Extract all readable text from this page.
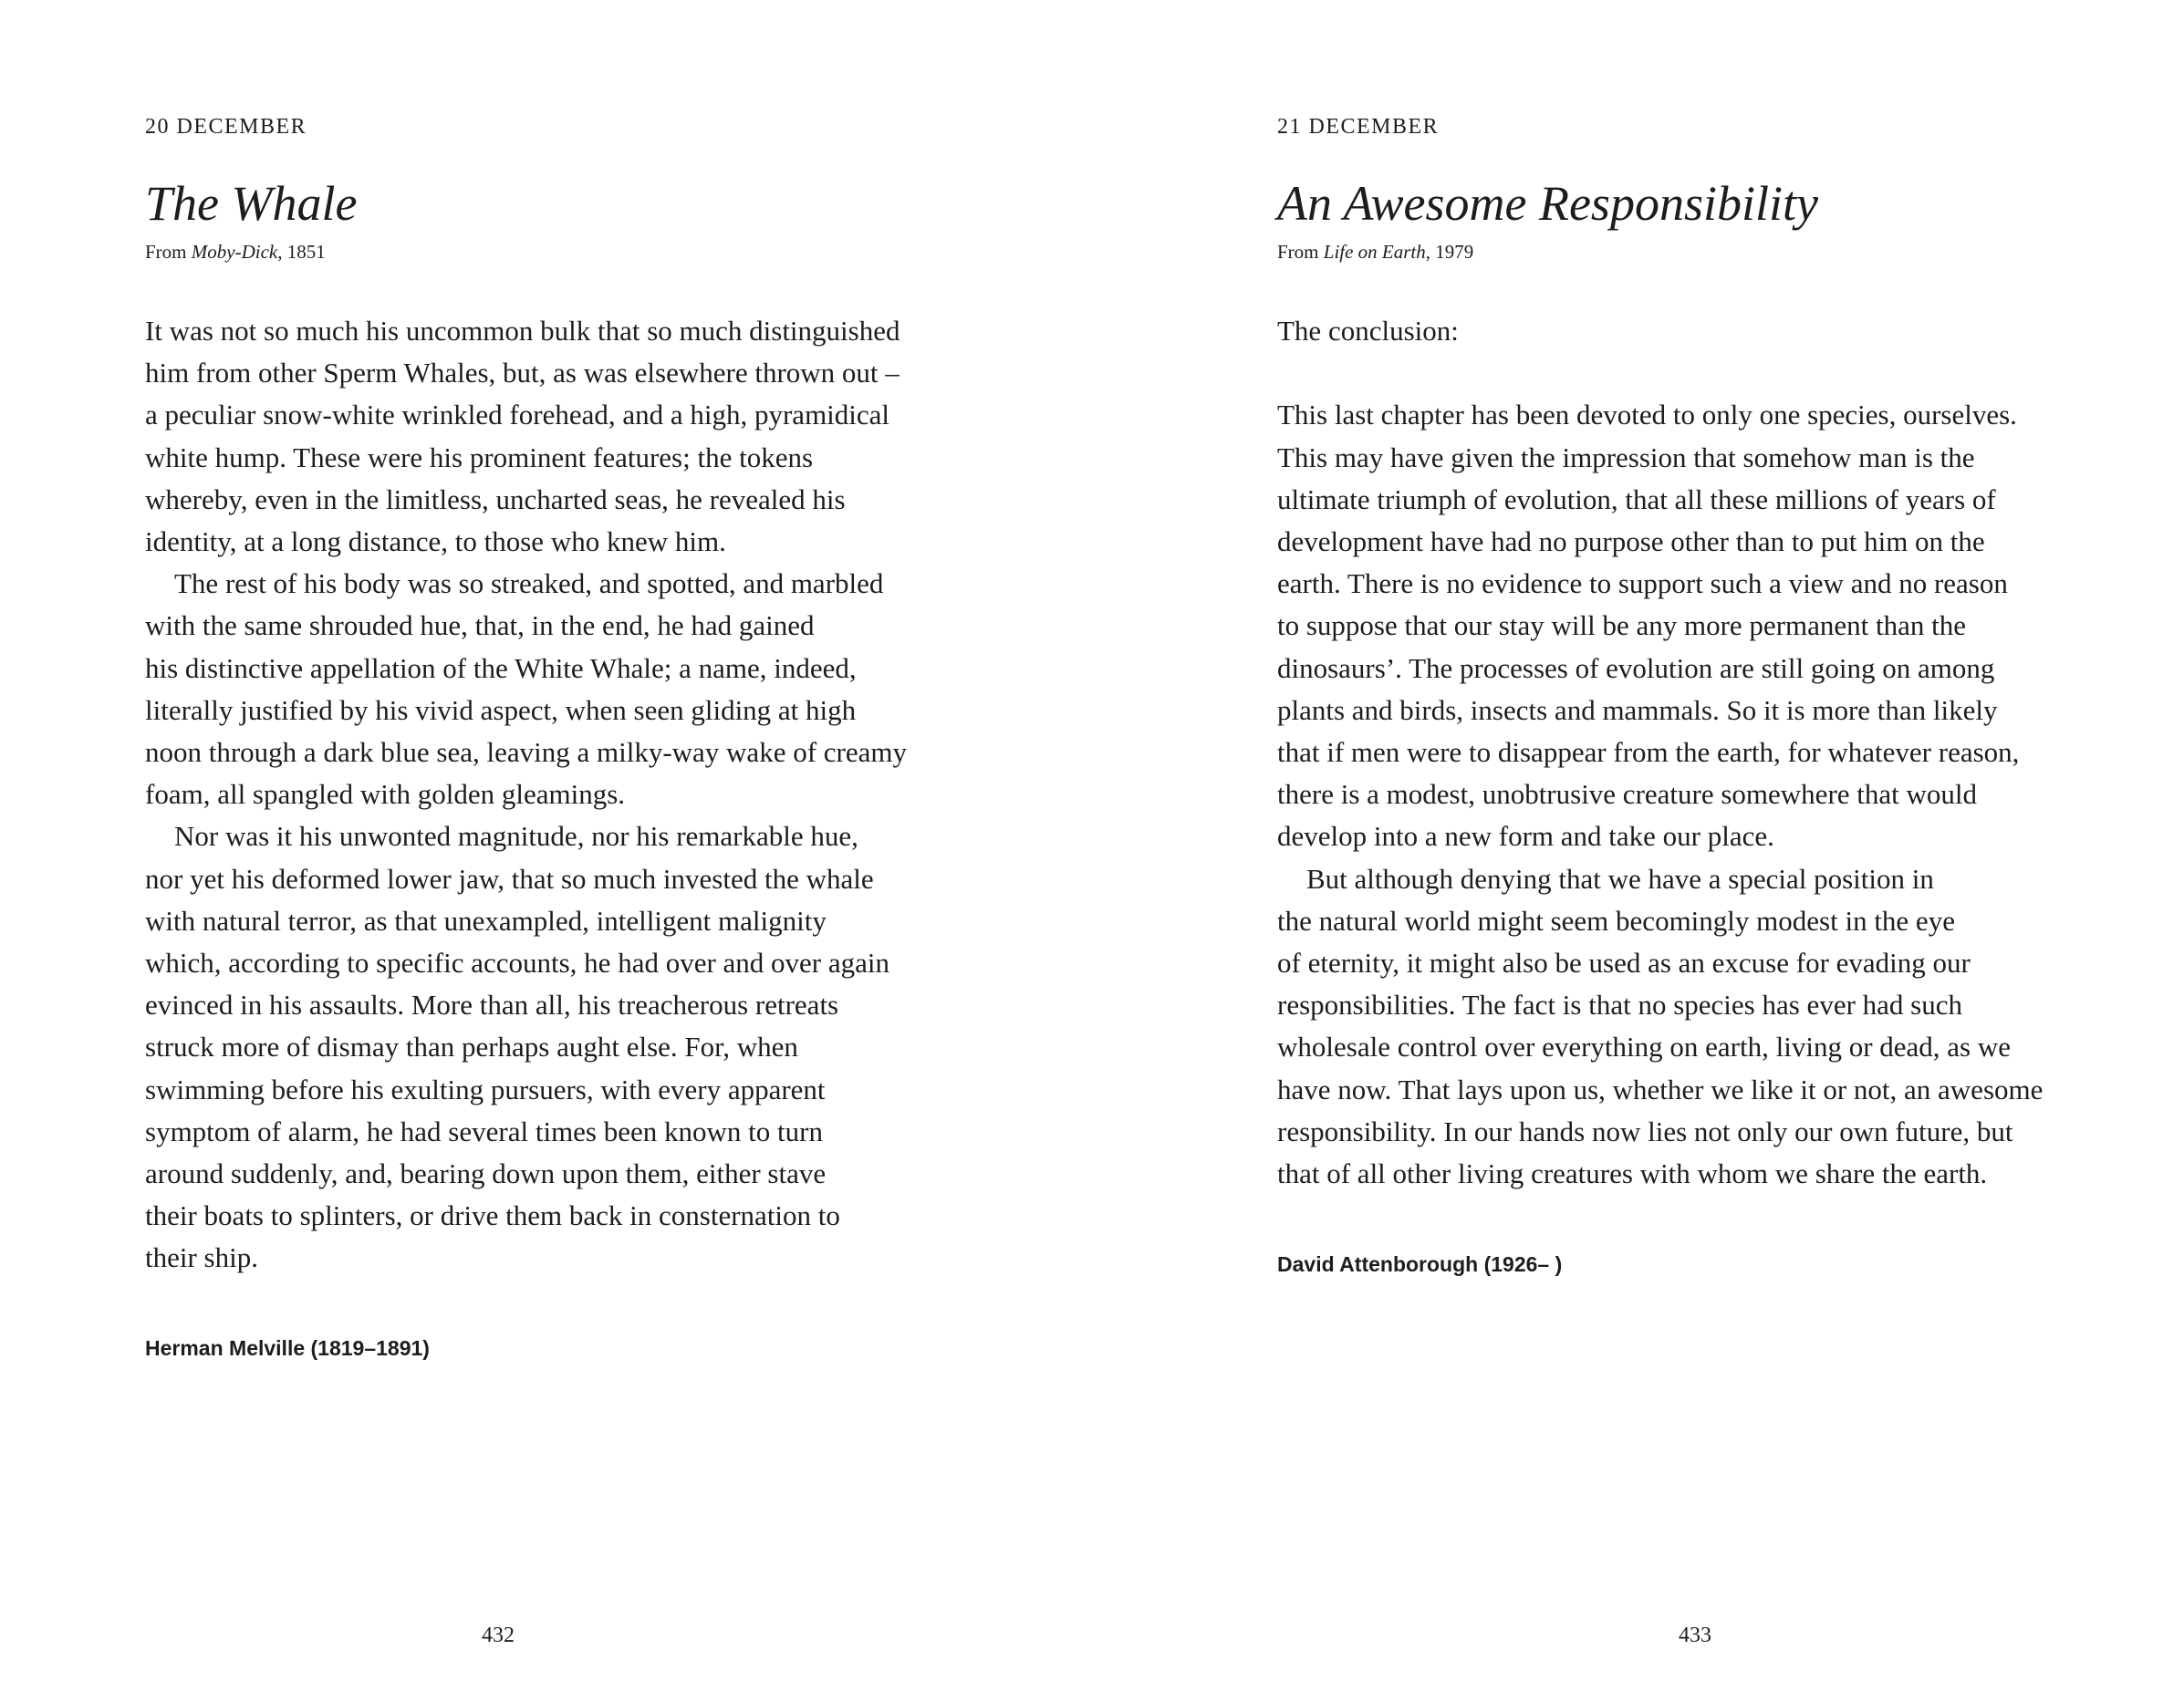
20 DECEMBER
The Whale
From Moby-Dick, 1851

It was not so much his uncommon bulk that so much distinguished
him from other Sperm Whales, but, as was elsewhere thrown out –
a peculiar snow-white wrinkled forehead, and a high, pyramidical
white hump. These were his prominent features; the tokens
whereby, even in the limitless, uncharted seas, he revealed his
identity, at a long distance, to those who knew him.

The rest of his body was so streaked, and spotted, and marbled
with the same shrouded hue, that, in the end, he had gained
his distinctive appellation of the White Whale; a name, indeed,
literally justified by his vivid aspect, when seen gliding at high
noon through a dark blue sea, leaving a milky-way wake of creamy
foam, all spangled with golden gleamings.

Nor was it his unwonted magnitude, nor his remarkable hue,
nor yet his deformed lower jaw, that so much invested the whale
with natural terror, as that unexampled, intelligent malignity
which, according to specific accounts, he had over and over again
evinced in his assaults. More than all, his treacherous retreats
struck more of dismay than perhaps aught else. For, when
swimming before his exulting pursuers, with every apparent
symptom of alarm, he had several times been known to turn
around suddenly, and, bearing down upon them, either stave
their boats to splinters, or drive them back in consternation to
their ship.

Herman Melville (1819–1891)
432
21 DECEMBER
An Awesome Responsibility
From Life on Earth, 1979

The conclusion:

This last chapter has been devoted to only one species, ourselves.
This may have given the impression that somehow man is the
ultimate triumph of evolution, that all these millions of years of
development have had no purpose other than to put him on the
earth. There is no evidence to support such a view and no reason
to suppose that our stay will be any more permanent than the
dinosaurs’. The processes of evolution are still going on among
plants and birds, insects and mammals. So it is more than likely
that if men were to disappear from the earth, for whatever reason,
there is a modest, unobtrusive creature somewhere that would
develop into a new form and take our place.

But although denying that we have a special position in
the natural world might seem becomingly modest in the eye
of eternity, it might also be used as an excuse for evading our
responsibilities. The fact is that no species has ever had such
wholesale control over everything on earth, living or dead, as we
have now. That lays upon us, whether we like it or not, an awesome
responsibility. In our hands now lies not only our own future, but
that of all other living creatures with whom we share the earth.

David Attenborough (1926– )
433
